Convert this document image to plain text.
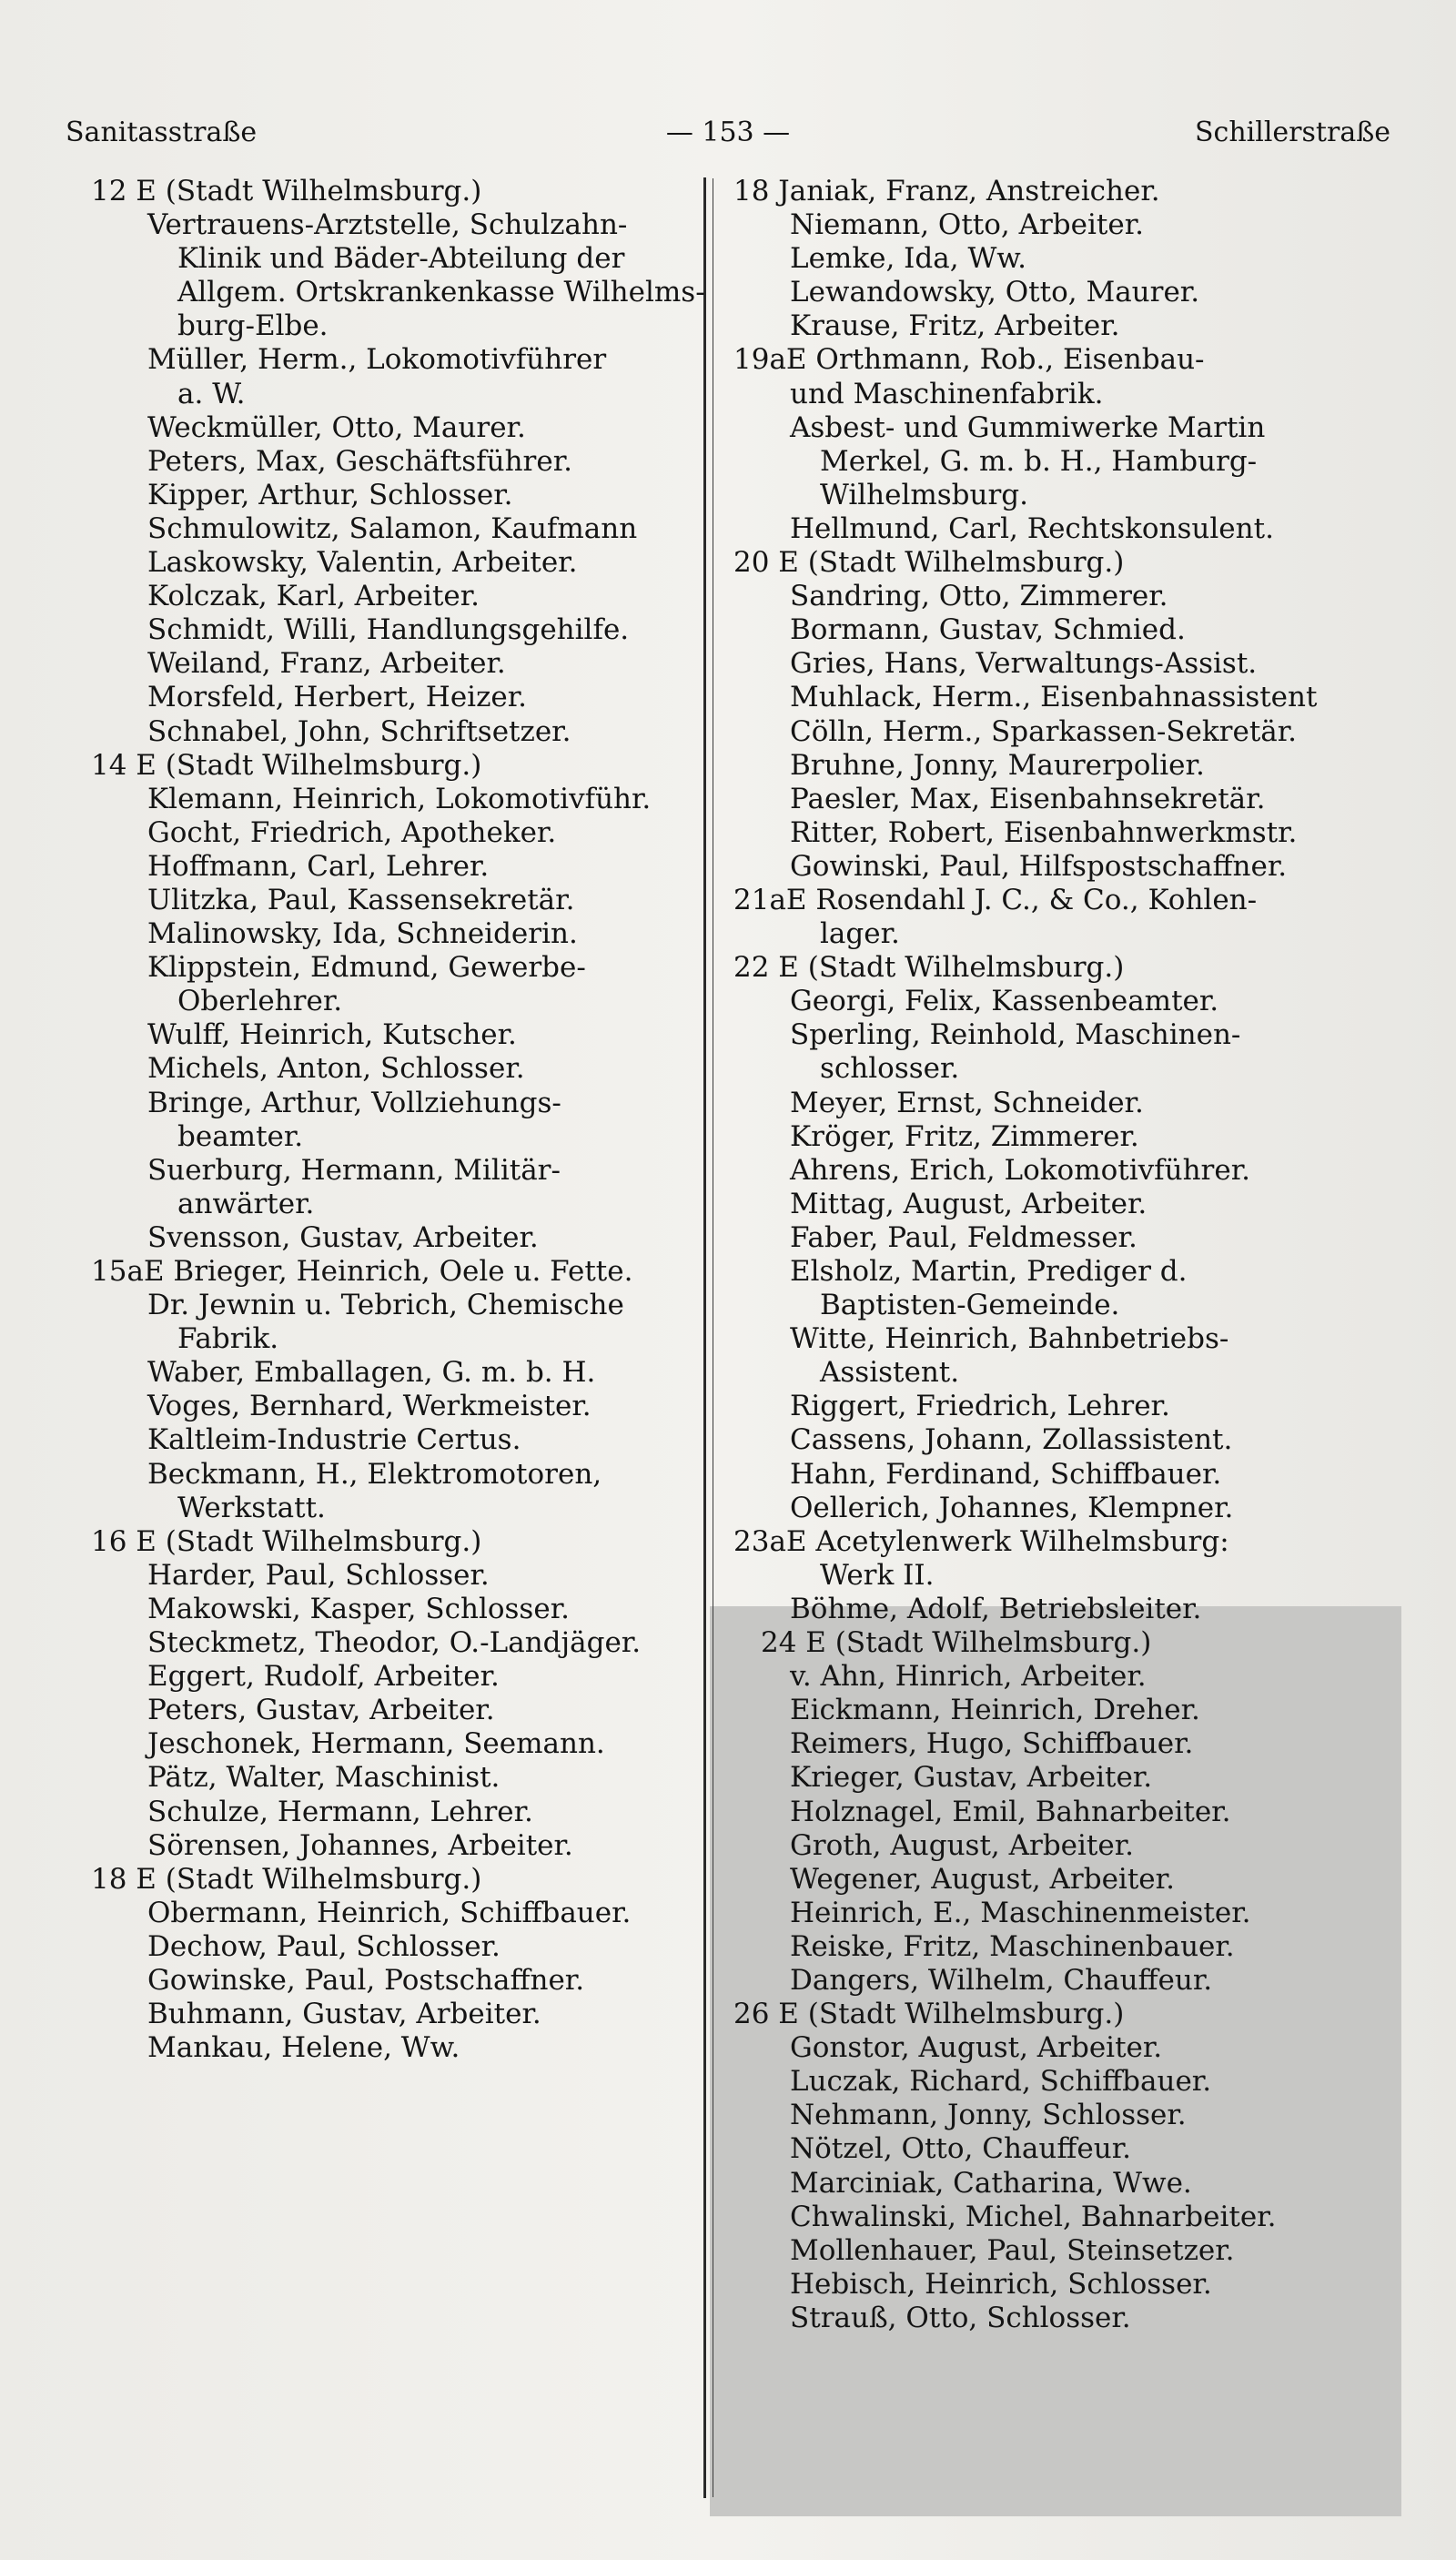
Sanitasstraße	— 153 —	Schillerstraße
12 E (Stadt Wilhelmsburg.)
Vertrauens-Arztstelle, Schulzahn-
Klinik und Bäder-Abteilung der
Allgem. Ortskrankenkasse Wilhelms-
burg-Elbe.
Müller, Herm., Lokomotivführer
a. W.
Weckmüller, Otto, Maurer.
Peters, Max, Geschäftsführer.
Kipper, Arthur, Schlosser.
Schmulowitz, Salamon, Kaufmann
Laskowsky, Valentin, Arbeiter.
Kolczak, Karl, Arbeiter.
Schmidt, Willi, Handlungsgehilfe.
Weiland, Franz, Arbeiter.
Morsfeld, Herbert, Heizer.
Schnabel, John, Schriftsetzer.
14 E (Stadt Wilhelmsburg.)
Klemann, Heinrich, Lokomotivführ.
Gocht, Friedrich, Apotheker.
Hoffmann, Carl, Lehrer.
Ulitzka, Paul, Kassensekretär.
Malinowsky, Ida, Schneiderin.
Klippstein, Edmund, Gewerbe-
Oberlehrer.
Wulff, Heinrich, Kutscher.
Michels, Anton, Schlosser.
Bringe, Arthur, Vollziehungs-
beamter.
Suerburg, Hermann, Militär-
anwärter.
Svensson, Gustav, Arbeiter.
15aE Brieger, Heinrich, Oele u. Fette.
Dr. Jewnin u. Tebrich, Chemische
Fabrik.
Waber, Emballagen, G. m. b. H.
Voges, Bernhard, Werkmeister.
Kaltleim-Industrie Certus.
Beckmann, H., Elektromotoren,
Werkstatt.
16 E (Stadt Wilhelmsburg.)
Harder, Paul, Schlosser.
Makowski, Kasper, Schlosser.
Steckmetz, Theodor, O.-Landjäger.
Eggert, Rudolf, Arbeiter.
Peters, Gustav, Arbeiter.
Jeschonek, Hermann, Seemann.
Pätz, Walter, Maschinist.
Schulze, Hermann, Lehrer.
Sörensen, Johannes, Arbeiter.
18 E (Stadt Wilhelmsburg.)
Obermann, Heinrich, Schiffbauer.
Dechow, Paul, Schlosser.
Gowinske, Paul, Postschaffner.
Buhmann, Gustav, Arbeiter.
Mankau, Helene, Ww.
18 Janiak, Franz, Anstreicher.
Niemann, Otto, Arbeiter.
Lemke, Ida, Ww.
Lewandowsky, Otto, Maurer.
Krause, Fritz, Arbeiter.
19aE Orthmann, Rob., Eisenbau-
und Maschinenfabrik.
Asbest- und Gummiwerke Martin
Merkel, G. m. b. H., Hamburg-
Wilhelmsburg.
Hellmund, Carl, Rechtskonsulent.
20 E (Stadt Wilhelmsburg.)
Sandring, Otto, Zimmerer.
Bormann, Gustav, Schmied.
Gries, Hans, Verwaltungs-Assist.
Muhlack, Herm., Eisenbahnassistent
Cölln, Herm., Sparkassen-Sekretär.
Bruhne, Jonny, Maurerpolier.
Paesler, Max, Eisenbahnsekretär.
Ritter, Robert, Eisenbahnwerkmstr.
Gowinski, Paul, Hilfspostschaffner.
21aE Rosendahl J. C., & Co., Kohlen-
lager.
22 E (Stadt Wilhelmsburg.)
Georgi, Felix, Kassenbeamter.
Sperling, Reinhold, Maschinen-
schlosser.
Meyer, Ernst, Schneider.
Kröger, Fritz, Zimmerer.
Ahrens, Erich, Lokomotivführer.
Mittag, August, Arbeiter.
Faber, Paul, Feldmesser.
Elsholz, Martin, Prediger d.
Baptisten-Gemeinde.
Witte, Heinrich, Bahnbetriebs-
Assistent.
Riggert, Friedrich, Lehrer.
Cassens, Johann, Zollassistent.
Hahn, Ferdinand, Schiffbauer.
Oellerich, Johannes, Klempner.
23aE Acetylenwerk Wilhelmsburg:
Werk II.
Böhme, Adolf, Betriebsleiter.
24 E (Stadt Wilhelmsburg.)
v. Ahn, Hinrich, Arbeiter.
Eickmann, Heinrich, Dreher.
Reimers, Hugo, Schiffbauer.
Krieger, Gustav, Arbeiter.
Holznagel, Emil, Bahnarbeiter.
Groth, August, Arbeiter.
Wegener, August, Arbeiter.
Heinrich, E., Maschinenmeister.
Reiske, Fritz, Maschinenbauer.
Dangers, Wilhelm, Chauffeur.
26 E (Stadt Wilhelmsburg.)
Gonstor, August, Arbeiter.
Luczak, Richard, Schiffbauer.
Nehmann, Jonny, Schlosser.
Nötzel, Otto, Chauffeur.
Marciniak, Catharina, Wwe.
Chwalinski, Michel, Bahnarbeiter.
Mollenhauer, Paul, Steinsetzer.
Hebisch, Heinrich, Schlosser.
Strauß, Otto, Schlosser.
